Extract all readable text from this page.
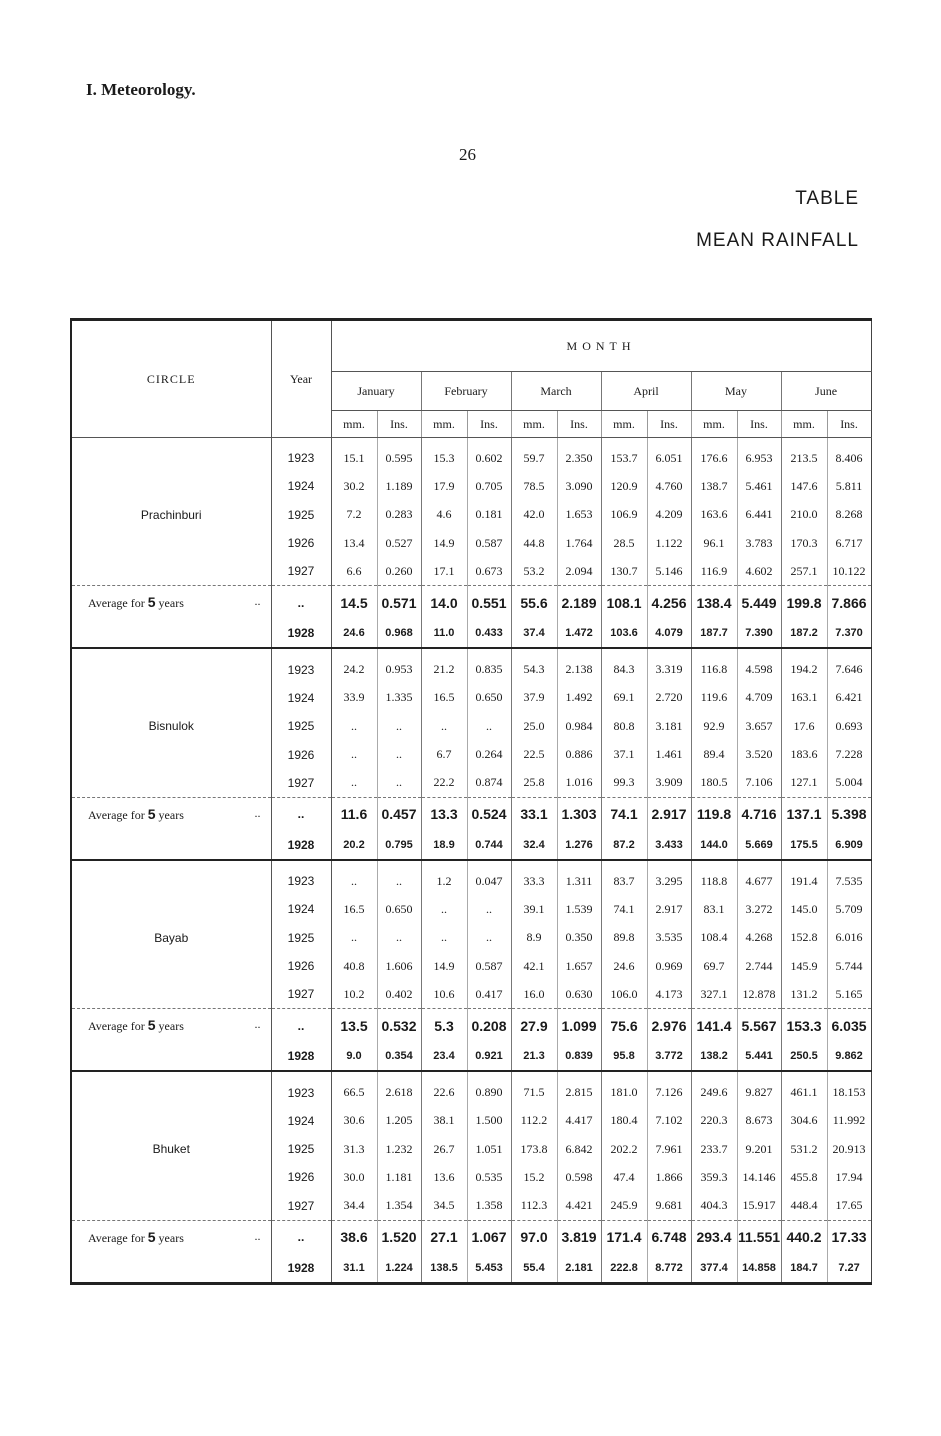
I. Meteorology.
26
TABLE
MEAN RAINFALL
CIRCLE	Year	MONTH											
		January		February		March		April		May		June	
		mm.	Ins.	mm.	Ins.	mm.	Ins.	mm.	Ins.	mm.	Ins.	mm.	Ins.
Prachinburi	1923	15.1	0.595	15.3	0.602	59.7	2.350	153.7	6.051	176.6	6.953	213.5	8.406
	1924	30.2	1.189	17.9	0.705	78.5	3.090	120.9	4.760	138.7	5.461	147.6	5.811
	1925	7.2	0.283	4.6	0.181	42.0	1.653	106.9	4.209	163.6	6.441	210.0	8.268
	1926	13.4	0.527	14.9	0.587	44.8	1.764	28.5	1.122	96.1	3.783	170.3	6.717
	1927	6.6	0.260	17.1	0.673	53.2	2.094	130.7	5.146	116.9	4.602	257.1	10.122
Average for 5 years ..	..	14.5	0.571	14.0	0.551	55.6	2.189	108.1	4.256	138.4	5.449	199.8	7.866
	1928	24.6	0.968	11.0	0.433	37.4	1.472	103.6	4.079	187.7	7.390	187.2	7.370
Bisnulok	1923	24.2	0.953	21.2	0.835	54.3	2.138	84.3	3.319	116.8	4.598	194.2	7.646
	1924	33.9	1.335	16.5	0.650	37.9	1.492	69.1	2.720	119.6	4.709	163.1	6.421
	1925	..	..	..	..	25.0	0.984	80.8	3.181	92.9	3.657	17.6	0.693
	1926	..	..	6.7	0.264	22.5	0.886	37.1	1.461	89.4	3.520	183.6	7.228
	1927	..	..	22.2	0.874	25.8	1.016	99.3	3.909	180.5	7.106	127.1	5.004
Average for 5 years ..	..	11.6	0.457	13.3	0.524	33.1	1.303	74.1	2.917	119.8	4.716	137.1	5.398
	1928	20.2	0.795	18.9	0.744	32.4	1.276	87.2	3.433	144.0	5.669	175.5	6.909
Bayab	1923	..	..	1.2	0.047	33.3	1.311	83.7	3.295	118.8	4.677	191.4	7.535
	1924	16.5	0.650	..	..	39.1	1.539	74.1	2.917	83.1	3.272	145.0	5.709
	1925	..	..	..	..	8.9	0.350	89.8	3.535	108.4	4.268	152.8	6.016
	1926	40.8	1.606	14.9	0.587	42.1	1.657	24.6	0.969	69.7	2.744	145.9	5.744
	1927	10.2	0.402	10.6	0.417	16.0	0.630	106.0	4.173	327.1	12.878	131.2	5.165
Average for 5 years ..	..	13.5	0.532	5.3	0.208	27.9	1.099	75.6	2.976	141.4	5.567	153.3	6.035
	1928	9.0	0.354	23.4	0.921	21.3	0.839	95.8	3.772	138.2	5.441	250.5	9.862
Bhuket	1923	66.5	2.618	22.6	0.890	71.5	2.815	181.0	7.126	249.6	9.827	461.1	18.153
	1924	30.6	1.205	38.1	1.500	112.2	4.417	180.4	7.102	220.3	8.673	304.6	11.992
	1925	31.3	1.232	26.7	1.051	173.8	6.842	202.2	7.961	233.7	9.201	531.2	20.913
	1926	30.0	1.181	13.6	0.535	15.2	0.598	47.4	1.866	359.3	14.146	455.8	17.94
	1927	34.4	1.354	34.5	1.358	112.3	4.421	245.9	9.681	404.3	15.917	448.4	17.65
Average for 5 years ..	..	38.6	1.520	27.1	1.067	97.0	3.819	171.4	6.748	293.4	11.551	440.2	17.33
	1928	31.1	1.224	138.5	5.453	55.4	2.181	222.8	8.772	377.4	14.858	184.7	7.27
